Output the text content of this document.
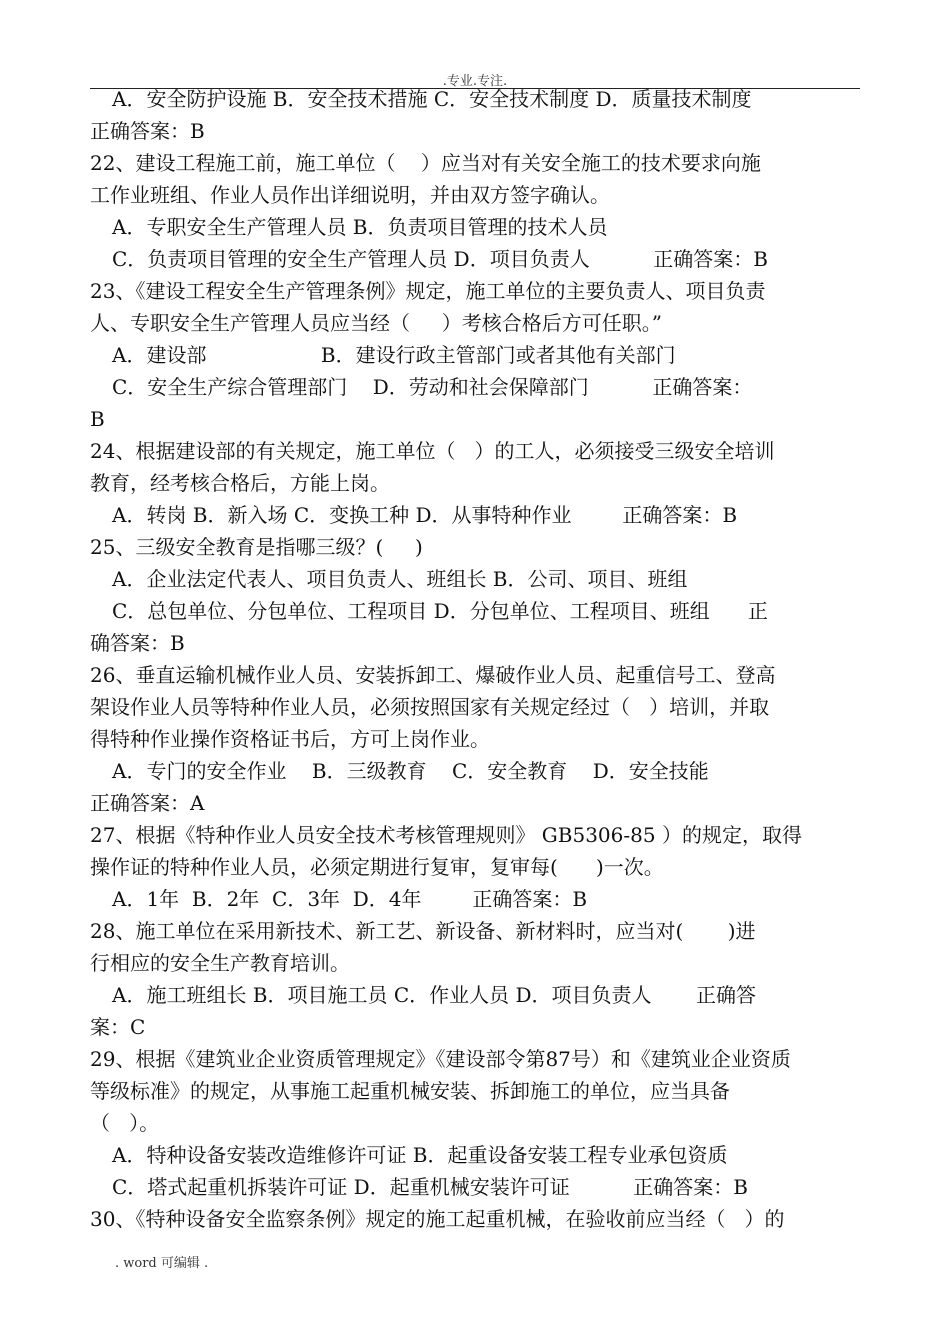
.专业.专注.
A．安全防护设施 B．安全技术措施 C．安全技术制度 D．质量技术制度
正确答案：B
22、建设工程施工前，施工单位（    ）应当对有关安全施工的技术要求向施
工作业班组、作业人员作出详细说明，并由双方签字确认。
A．专职安全生产管理人员 B．负责项目管理的技术人员
C．负责项目管理的安全生产管理人员 D．项目负责人          正确答案：B
23、《建设工程安全生产管理条例》规定，施工单位的主要负责人、项目负责
人、专职安全生产管理人员应当经（     ）考核合格后方可任职。”
A．建设部                  B．建设行政主管部门或者其他有关部门
C．安全生产综合管理部门    D．劳动和社会保障部门          正确答案：
B
24、根据建设部的有关规定，施工单位（   ）的工人，必须接受三级安全培训
教育，经考核合格后，方能上岗。
A．转岗 B．新入场 C．变换工种 D．从事特种作业        正确答案：B
25、三级安全教育是指哪三级？(     )
A．企业法定代表人、项目负责人、班组长 B．公司、项目、班组
C．总包单位、分包单位、工程项目 D．分包单位、工程项目、班组      正
确答案：B
26、垂直运输机械作业人员、安装拆卸工、爆破作业人员、起重信号工、登高
架设作业人员等特种作业人员，必须按照国家有关规定经过（   ）培训，并取
得特种作业操作资格证书后，方可上岗作业。
A．专门的安全作业    B．三级教育    C．安全教育    D．安全技能
正确答案：A
27、根据《特种作业人员安全技术考核管理规则》 GB5306-85 ）的规定，取得
操作证的特种作业人员，必须定期进行复审，复审每(      )一次。
A．1年  B．2年  C．3年  D．4年        正确答案：B
28、施工单位在采用新技术、新工艺、新设备、新材料时，应当对(       )进
行相应的安全生产教育培训。
A．施工班组长 B．项目施工员 C．作业人员 D．项目负责人       正确答
案：C
29、根据《建筑业企业资质管理规定》《建设部令第87号）和《建筑业企业资质
等级标准》的规定，从事施工起重机械安装、拆卸施工的单位，应当具备
（   ）。
A．特种设备安装改造维修许可证 B．起重设备安装工程专业承包资质
C．塔式起重机拆装许可证 D．起重机械安装许可证          正确答案：B
30、《特种设备安全监察条例》规定的施工起重机械，在验收前应当经（   ）的
. word 可编辑 .
